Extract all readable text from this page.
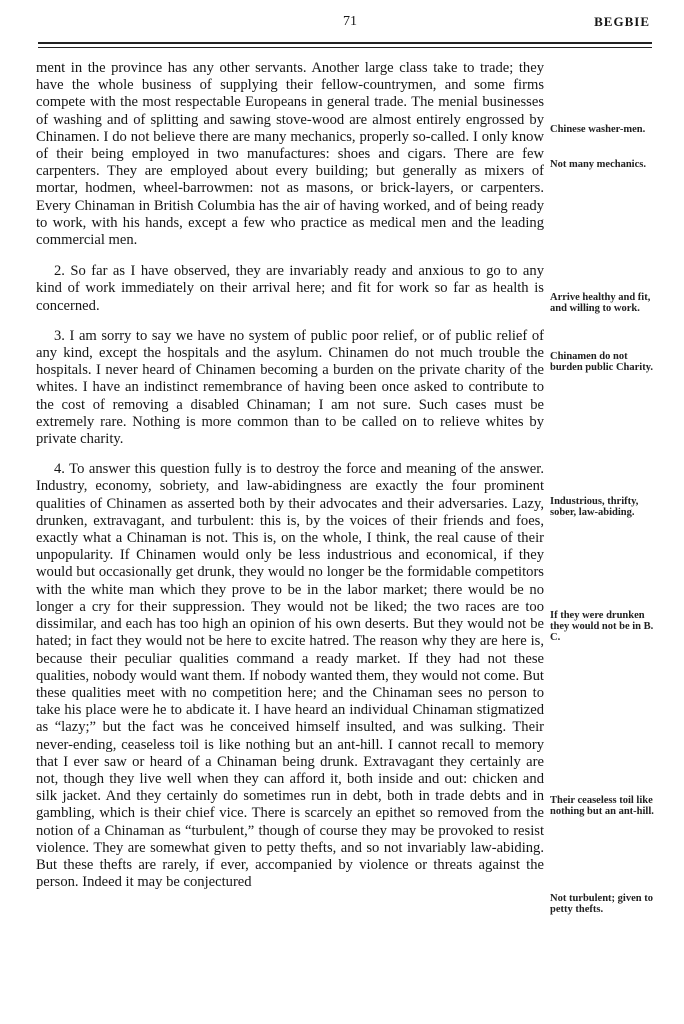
71	BEGBIE

ment in the province has any other servants. Another large class take to trade; they have the whole business of supplying their fellow-countrymen, and some firms compete with the most respectable Europeans in general trade. The menial businesses of washing and of splitting and sawing stove-wood are almost entirely engrossed by Chinamen. I do not believe there are many mechanics, properly so-called. I only know of their being employed in two manufactures: shoes and cigars. There are few carpenters. They are employed about every building; but generally as mixers of mortar, hodmen, wheel-barrowmen: not as masons, or brick-layers, or carpenters. Every Chinaman in British Columbia has the air of having worked, and of being ready to work, with his hands, except a few who practice as medical men and the leading commercial men.

2. So far as I have observed, they are invariably ready and anxious to go to any kind of work immediately on their arrival here; and fit for work so far as health is concerned.

3. I am sorry to say we have no system of public poor relief, or of public relief of any kind, except the hospitals and the asylum. Chinamen do not much trouble the hospitals. I never heard of Chinamen becoming a burden on the private charity of the whites. I have an indistinct remembrance of having been once asked to contribute to the cost of removing a disabled Chinaman; I am not sure. Such cases must be extremely rare. Nothing is more common than to be called on to relieve whites by private charity.

4. To answer this question fully is to destroy the force and meaning of the answer. Industry, economy, sobriety, and law-abidingness are exactly the four prominent qualities of Chinamen as asserted both by their advocates and their adversaries. Lazy, drunken, extravagant, and turbulent: this is, by the voices of their friends and foes, exactly what a Chinaman is not. This is, on the whole, I think, the real cause of their unpopularity. If Chinamen would only be less industrious and economical, if they would but occasionally get drunk, they would no longer be the formidable competitors with the white man which they prove to be in the labor market; there would be no longer a cry for their suppression. They would not be liked; the two races are too dissimilar, and each has too high an opinion of his own deserts. But they would not be hated; in fact they would not be here to excite hatred. The reason why they are here is, because their peculiar qualities command a ready market. If they had not these qualities, nobody would want them. If nobody wanted them, they would not come. But these qualities meet with no competition here; and the Chinaman sees no person to take his place were he to abdicate it. I have heard an individual Chinaman stigmatized as “lazy;” but the fact was he conceived himself insulted, and was sulking. Their never-ending, ceaseless toil is like nothing but an ant-hill. I cannot recall to memory that I ever saw or heard of a Chinaman being drunk. Extravagant they certainly are not, though they live well when they can afford it, both inside and out: chicken and silk jacket. And they certainly do sometimes run in debt, both in trade debts and in gambling, which is their chief vice. There is scarcely an epithet so removed from the notion of a Chinaman as “turbulent,” though of course they may be provoked to resist violence. They are somewhat given to petty thefts, and so not invariably law-abiding. But these thefts are rarely, if ever, accompanied by violence or threats against the person. Indeed it may be conjectured

Chinese washer-men.
Not many mechanics.
Arrive healthy and fit, and willing to work.
Chinamen do not burden public Charity.
Industrious, thrifty, sober, law-abiding.
If they were drunken they would not be in B. C.
Their ceaseless toil like nothing but an ant-hill.
Not turbulent; given to petty thefts.
